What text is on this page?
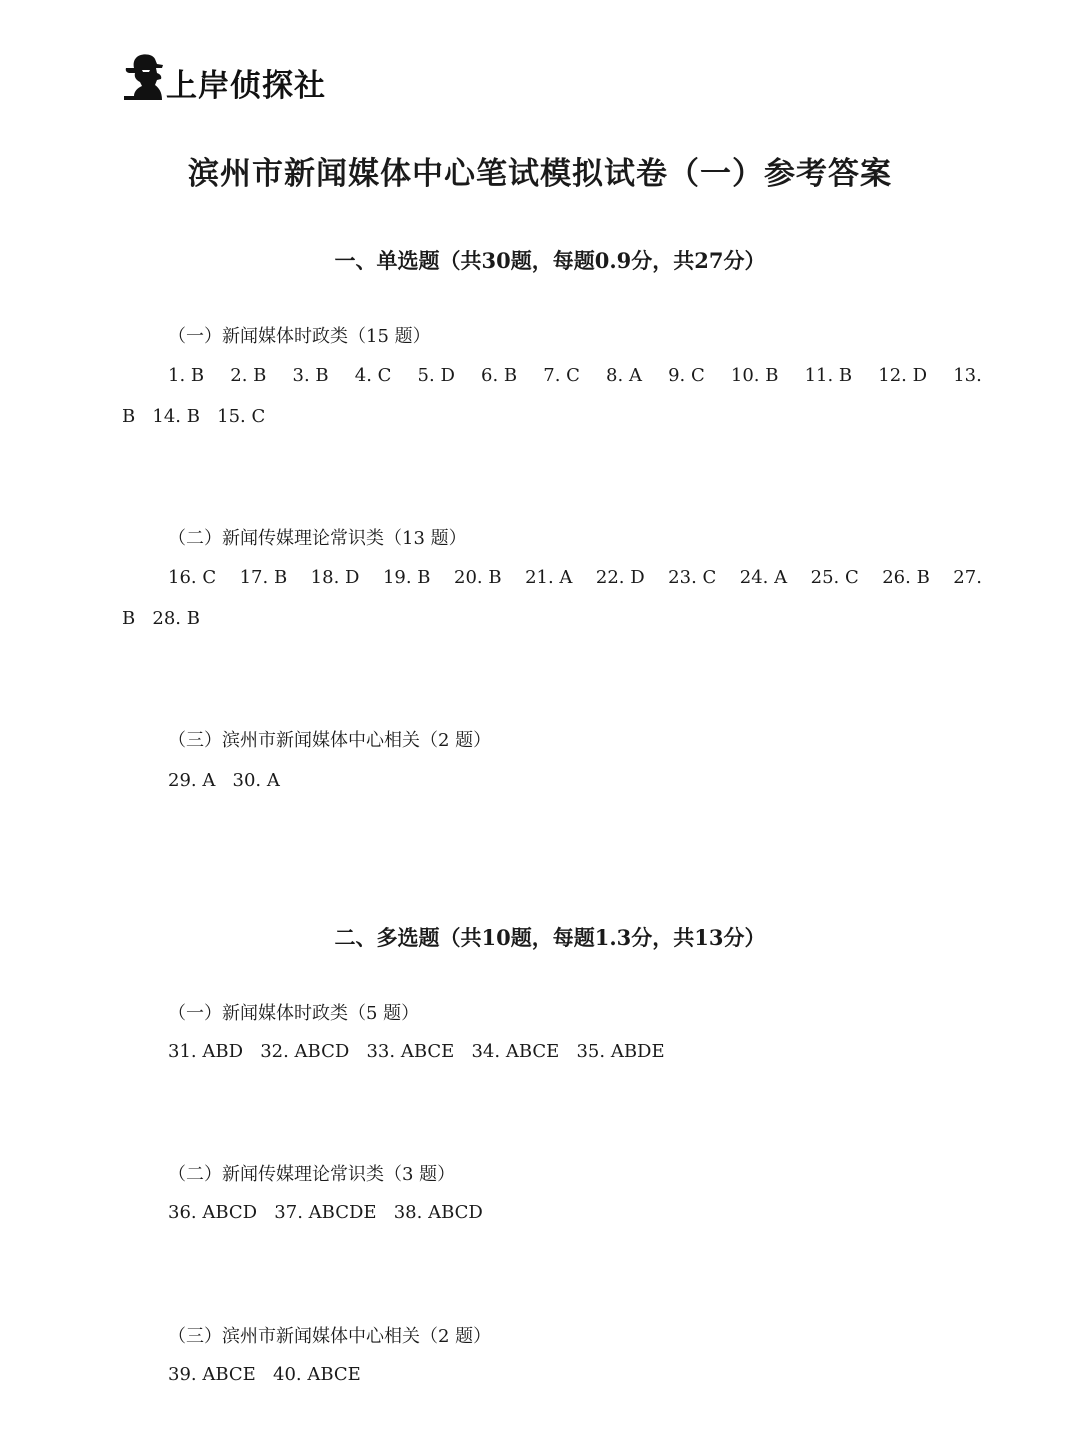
上岸侦探社
滨州市新闻媒体中心笔试模拟试卷（一）参考答案
一、单选题（共30题，每题0.9分，共27分）
（一）新闻媒体时政类（15 题）
1. B 2. B 3. B 4. C 5. D 6. B 7. C 8. A 9. C 10. B 11. B 12. D 13.
B 14. B 15. C
（二）新闻传媒理论常识类（13 题）
16. C 17. B 18. D 19. B 20. B 21. A 22. D 23. C 24. A 25. C 26. B 27.
B 28. B
（三）滨州市新闻媒体中心相关（2 题）
29. A 30. A
二、多选题（共10题，每题1.3分，共13分）
（一）新闻媒体时政类（5 题）
31. ABD 32. ABCD 33. ABCE 34. ABCE 35. ABDE
（二）新闻传媒理论常识类（3 题）
36. ABCD 37. ABCDE 38. ABCD
（三）滨州市新闻媒体中心相关（2 题）
39. ABCE 40. ABCE
